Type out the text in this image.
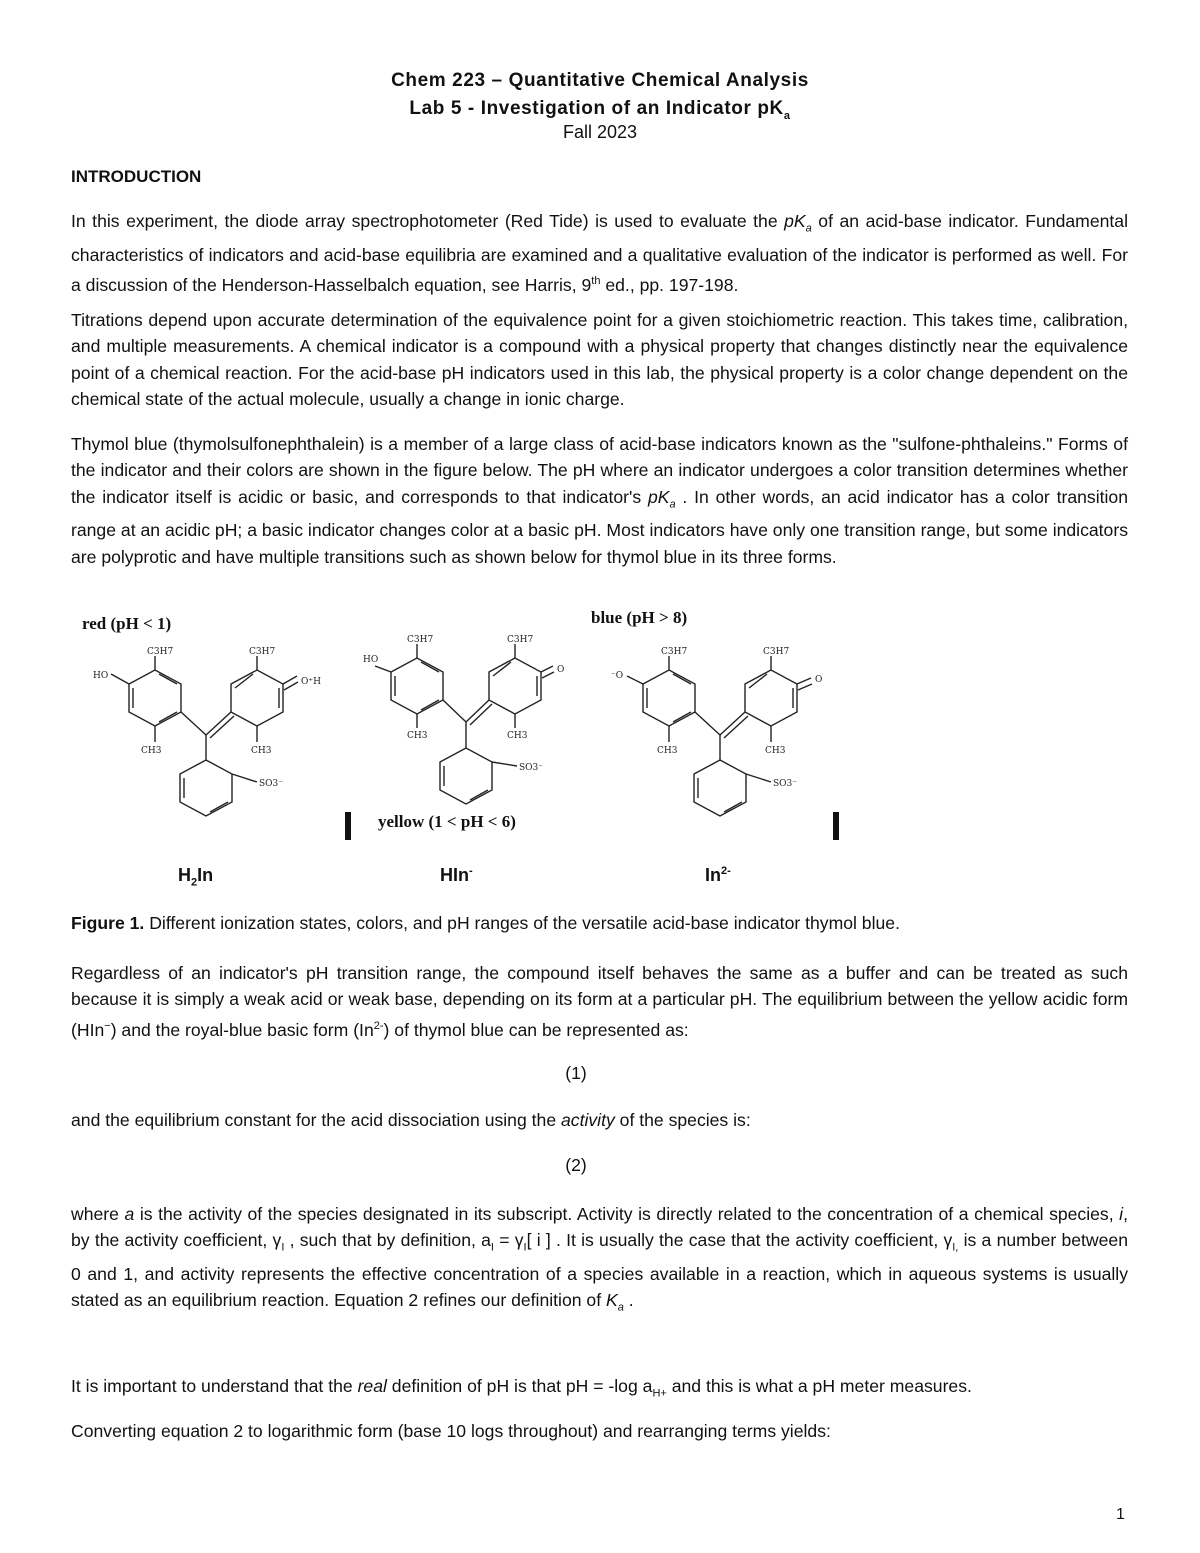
Chem 223 – Quantitative Chemical Analysis
Lab 5 - Investigation of an Indicator $pK_a$
Fall 2023
INTRODUCTION

In this experiment, the diode array spectrophotometer (Red Tide) is used to evaluate the $pK_a$ of an acid-base indicator. Fundamental characteristics of indicators and acid-base equilibria are examined and a qualitative evaluation of the indicator is performed as well. For a discussion of the Henderson-Hasselbalch equation, see Harris, 9th ed., pp. 197-198.

Titrations depend upon accurate determination of the equivalence point for a given stoichiometric reaction. This takes time, calibration, and multiple measurements. A chemical indicator is a compound with a physical property that changes distinctly near the equivalence point of a chemical reaction. For the acid-base pH indicators used in this lab, the physical property is a color change dependent on the chemical state of the actual molecule, usually a change in ionic charge.

Thymol blue (thymolsulfonephthalein) is a member of a large class of acid-base indicators known as the "sulfone-phthaleins." Forms of the indicator and their colors are shown in the figure below. The pH where an indicator undergoes a color transition determines whether the indicator itself is acidic or basic, and corresponds to that indicator's $pK_a$ . In other words, an acid indicator has a color transition range at an acidic pH; a basic indicator changes color at a basic pH. Most indicators have only one transition range, but some indicators are polyprotic and have multiple transitions such as shown below for thymol blue in its three forms.

C3H7
HO
CH3
C3H7
O⁺H
CH3
SO3⁻
C3H7
HO
CH3
C3H7
O
CH3
SO3⁻
C3H7
⁻O
CH3
C3H7
O
CH3
SO3⁻
red (pH < 1)	blue (pH > 8)
yellow (1 < pH < 6)
$H_2In$	HIn-	$In^{2-}$
Figure 1. Different ionization states, colors, and pH ranges of the versatile acid-base indicator thymol blue.

Regardless of an indicator's pH transition range, the compound itself behaves the same as a buffer and can be treated as such because it is simply a weak acid or weak base, depending on its form at a particular pH. The equilibrium between the yellow acidic form (HIn−) and the royal-blue basic form $(In^{2-})$ of thymol blue can be represented as:

(1)

and the equilibrium constant for the acid dissociation using the activity of the species is:

(2)

where a is the activity of the species designated in its subscript. Activity is directly related to the concentration of a chemical species, i, by the activity coefficient, $\gamma_I$ , such that by definition, $a_I = \gamma_I$[ i ] . It is usually the case that the activity coefficient, $\gamma_{I,}$ is a number between 0 and 1, and activity represents the effective concentration of a species available in a reaction, which in aqueous systems is usually stated as an equilibrium reaction. Equation 2 refines our definition of $K_a$ .

It is important to understand that the real definition of pH is that pH = -log $a_{H+}$ and this is what a pH meter measures.

Converting equation 2 to logarithmic form (base 10 logs throughout) and rearranging terms yields:

1
